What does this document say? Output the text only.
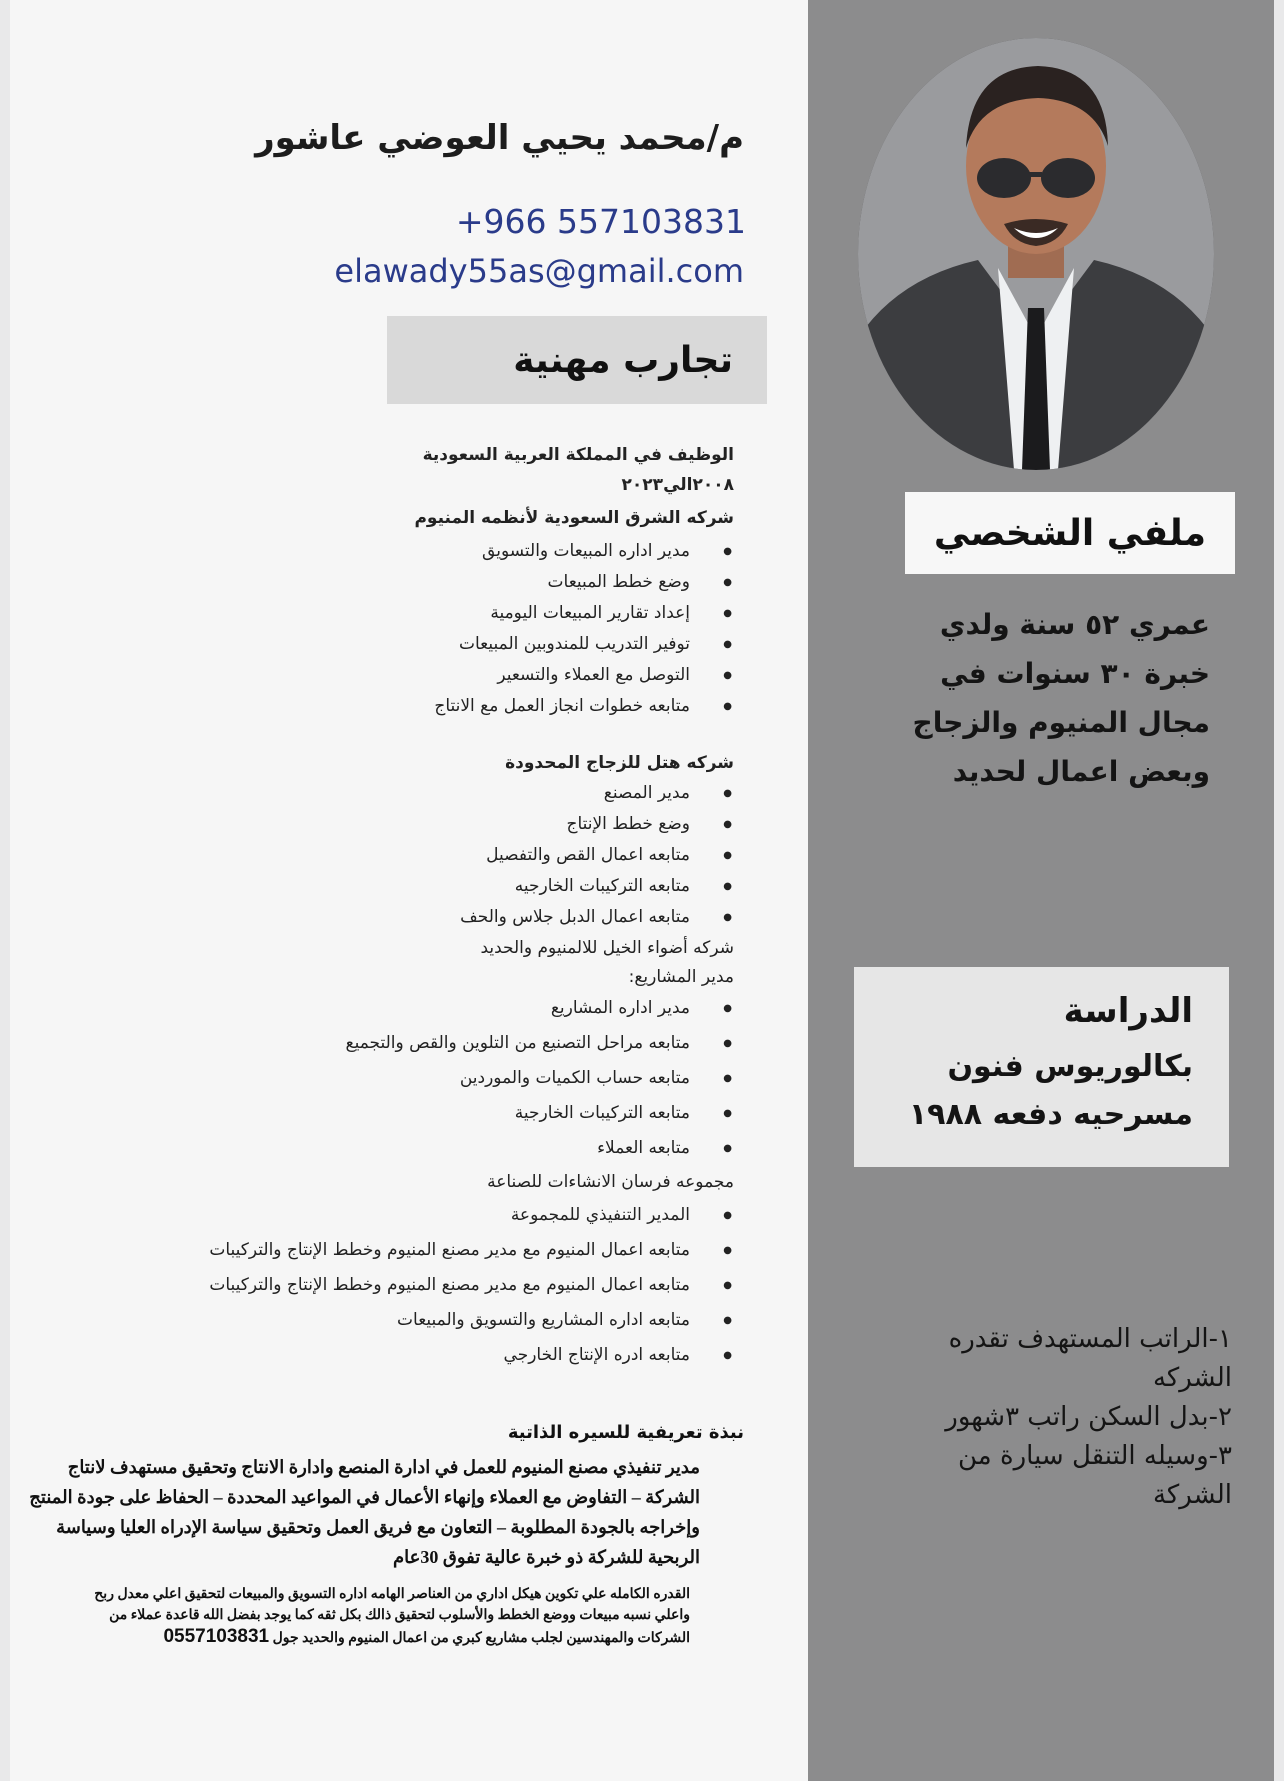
ملفي الشخصي
عمري ٥٢ سنة ولدي خبرة ٣٠ سنوات في مجال المنيوم والزجاج وبعض اعمال لحديد
الدراسة
بكالوريوس فنون
مسرحيه دفعه ١٩٨٨
١-الراتب المستهدف تقدره الشركه
٢-بدل السكن راتب ٣شهور
٣-وسيله التنقل سيارة من الشركة
م/محمد يحيي العوضي عاشور
+966 557103831
elawady55as@gmail.com
تجارب مهنية

الوظيف في المملكة العربية السعودية

٢٠٠٨الي٢٠٢٣

شركه الشرق السعودية لأنظمه المنيوم

● مدير اداره المبيعات والتسويق
● وضع خطط المبيعات
● إعداد تقارير المبيعات اليومية
● توفير التدريب للمندوبين المبيعات
● التوصل مع العملاء والتسعير
● متابعه خطوات انجاز العمل مع الانتاج

شركه هتل للزجاج المحدودة

● مدير المصنع
● وضع خطط الإنتاج
● متابعه اعمال القص والتفصيل
● متابعه التركيبات الخارجيه
● متابعه اعمال الدبل جلاس والحف

شركه أضواء الخيل للالمنيوم والحديد

مدير المشاريع:

● مدير اداره المشاريع
● متابعه مراحل التصنيع من التلوين والقص والتجميع
● متابعه حساب الكميات والموردين
● متابعه التركيبات الخارجية
● متابعه العملاء

مجموعه فرسان الانشاءات للصناعة

● المدير التنفيذي للمجموعة
● متابعه اعمال المنيوم مع مدير مصنع المنيوم وخطط الإنتاج والتركيبات
● متابعه اعمال المنيوم مع مدير مصنع المنيوم وخطط الإنتاج والتركيبات
● متابعه اداره المشاريع والتسويق والمبيعات
● متابعه ادره الإنتاج الخارجي
نبذة تعريفية للسيره الذاتية
مدير تنفيذي مصنع المنيوم للعمل في ادارة المنصع وادارة الانتاج وتحقيق مستهدف لانتاج الشركة – التفاوض مع العملاء وإنهاء الأعمال في المواعيد المحددة – الحفاظ على جودة المنتج وإخراجه بالجودة المطلوبة – التعاون مع فريق العمل وتحقيق سياسة الإدراه العليا وسياسة الربحية للشركة ذو خبرة عالية تفوق 30عام
القدره الكامله علي تكوين هيكل اداري من العناصر الهامه اداره التسويق والمبيعات لتحقيق اعلي معدل ربح واعلي نسبه مبيعات ووضع الخطط والأسلوب لتحقيق ذالك بكل ثقه كما يوجد بفضل الله قاعدة عملاء من الشركات والمهندسين لجلب مشاريع كبري من اعمال المنيوم والحديد جول 0557103831
